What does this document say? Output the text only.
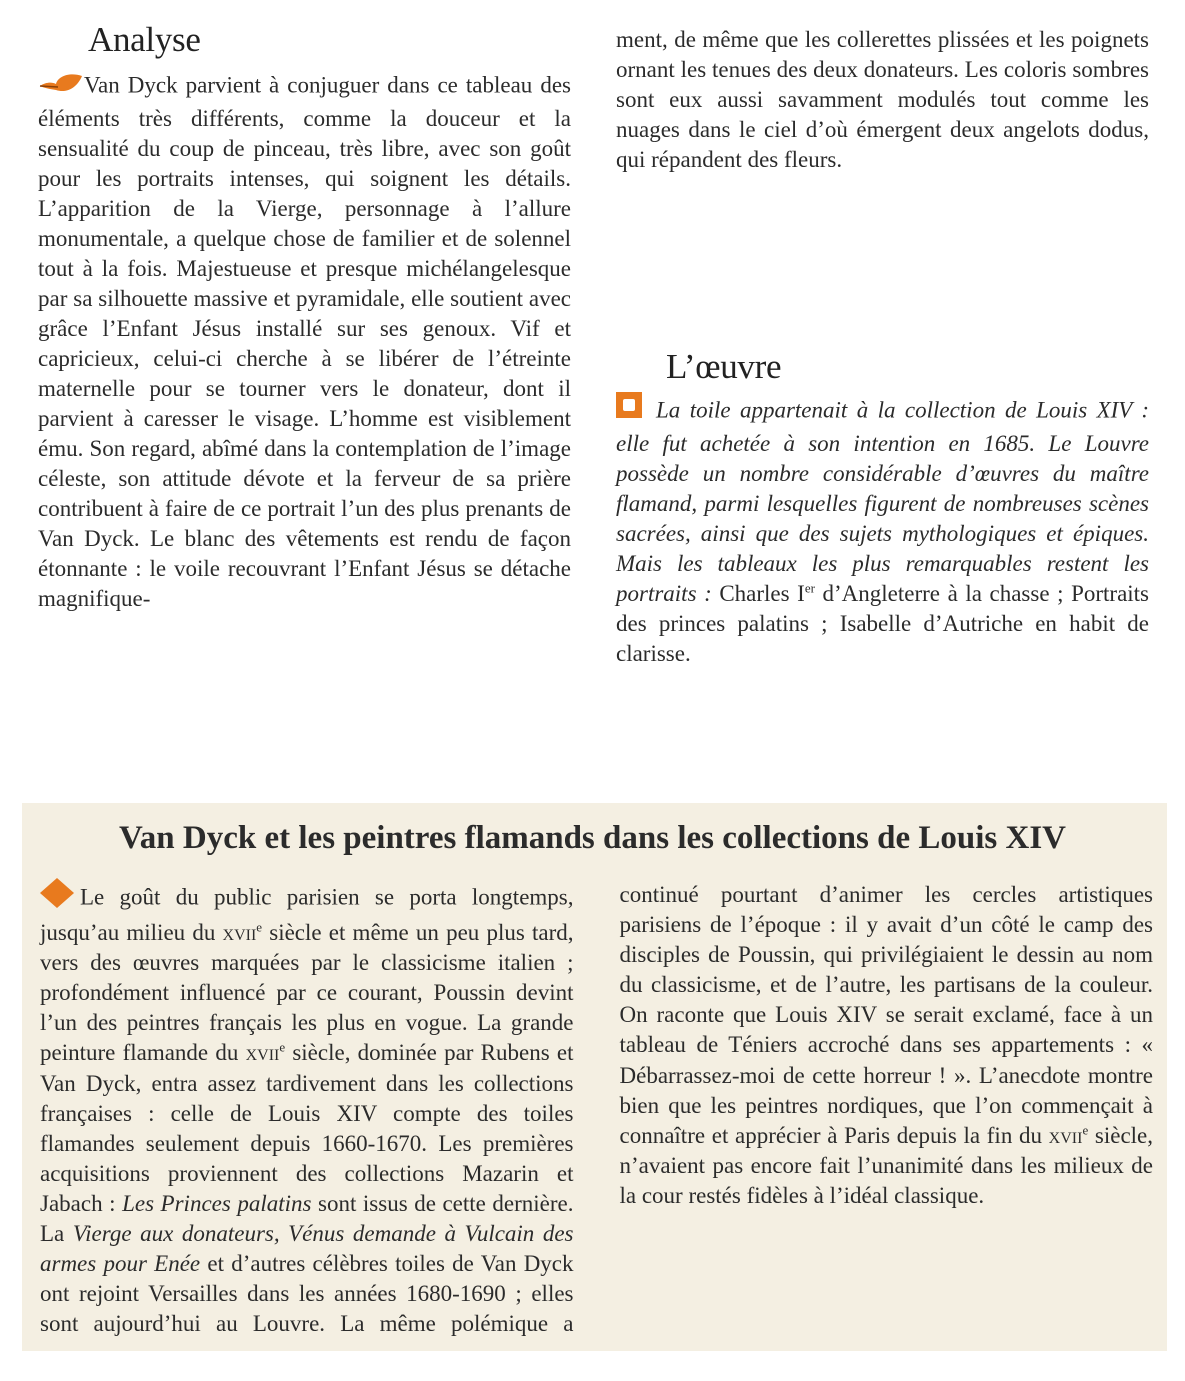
Analyse

Van Dyck parvient à conjuguer dans ce tableau des éléments très différents, comme la douceur et la sensualité du coup de pinceau, très libre, avec son goût pour les portraits intenses, qui soignent les détails. L’apparition de la Vierge, personnage à l’allure monumentale, a quelque chose de familier et de solennel tout à la fois. Majestueuse et presque michélangelesque par sa silhouette massive et pyramidale, elle soutient avec grâce l’Enfant Jésus installé sur ses genoux. Vif et capricieux, celui-ci cherche à se libérer de l’étreinte maternelle pour se tourner vers le donateur, dont il parvient à caresser le visage. L’homme est visiblement ému. Son regard, abîmé dans la contemplation de l’image céleste, son attitude dévote et la ferveur de sa prière contribuent à faire de ce portrait l’un des plus prenants de Van Dyck. Le blanc des vêtements est rendu de façon étonnante : le voile recouvrant l’Enfant Jésus se détache magnifique-

ment, de même que les collerettes plissées et les poignets ornant les tenues des deux donateurs. Les coloris sombres sont eux aussi savamment modulés tout comme les nuages dans le ciel d’où émergent deux angelots dodus, qui répandent des fleurs.

L’œuvre

La toile appartenait à la collection de Louis XIV : elle fut achetée à son intention en 1685. Le Louvre possède un nombre considérable d’œuvres du maître flamand, parmi lesquelles figurent de nombreuses scènes sacrées, ainsi que des sujets mythologiques et épiques. Mais les tableaux les plus remarquables restent les portraits : Charles Ier d’Angleterre à la chasse ; Portraits des princes palatins ; Isabelle d’Autriche en habit de clarisse.

Van Dyck et les peintres flamands dans les collections de Louis XIV

Le goût du public parisien se porta longtemps, jusqu’au milieu du xvii$^e$ siècle et même un peu plus tard, vers des œuvres marquées par le classicisme italien ; profondément influencé par ce courant, Poussin devint l’un des peintres français les plus en vogue. La grande peinture flamande du xvii$^e$ siècle, dominée par Rubens et Van Dyck, entra assez tardivement dans les collections françaises : celle de Louis XIV compte des toiles flamandes seulement depuis 1660-1670. Les premières acquisitions proviennent des collections Mazarin et Jabach : Les Princes palatins sont issus de cette dernière. La Vierge aux donateurs, Vénus demande à Vulcain des armes pour Enée et d’autres célèbres toiles de Van Dyck ont rejoint Versailles dans les années 1680-1690 ; elles sont aujourd’hui au Louvre. La même polémique a continué pourtant d’animer les cercles artistiques parisiens de l’époque : il y avait d’un côté le camp des disciples de Poussin, qui privilégiaient le dessin au nom du classicisme, et de l’autre, les partisans de la couleur. On raconte que Louis XIV se serait exclamé, face à un tableau de Téniers accroché dans ses appartements : « Débarrassez-moi de cette horreur ! ». L’anecdote montre bien que les peintres nordiques, que l’on commençait à connaître et apprécier à Paris depuis la fin du xvii$^e$ siècle, n’avaient pas encore fait l’unanimité dans les milieux de la cour restés fidèles à l’idéal classique.
